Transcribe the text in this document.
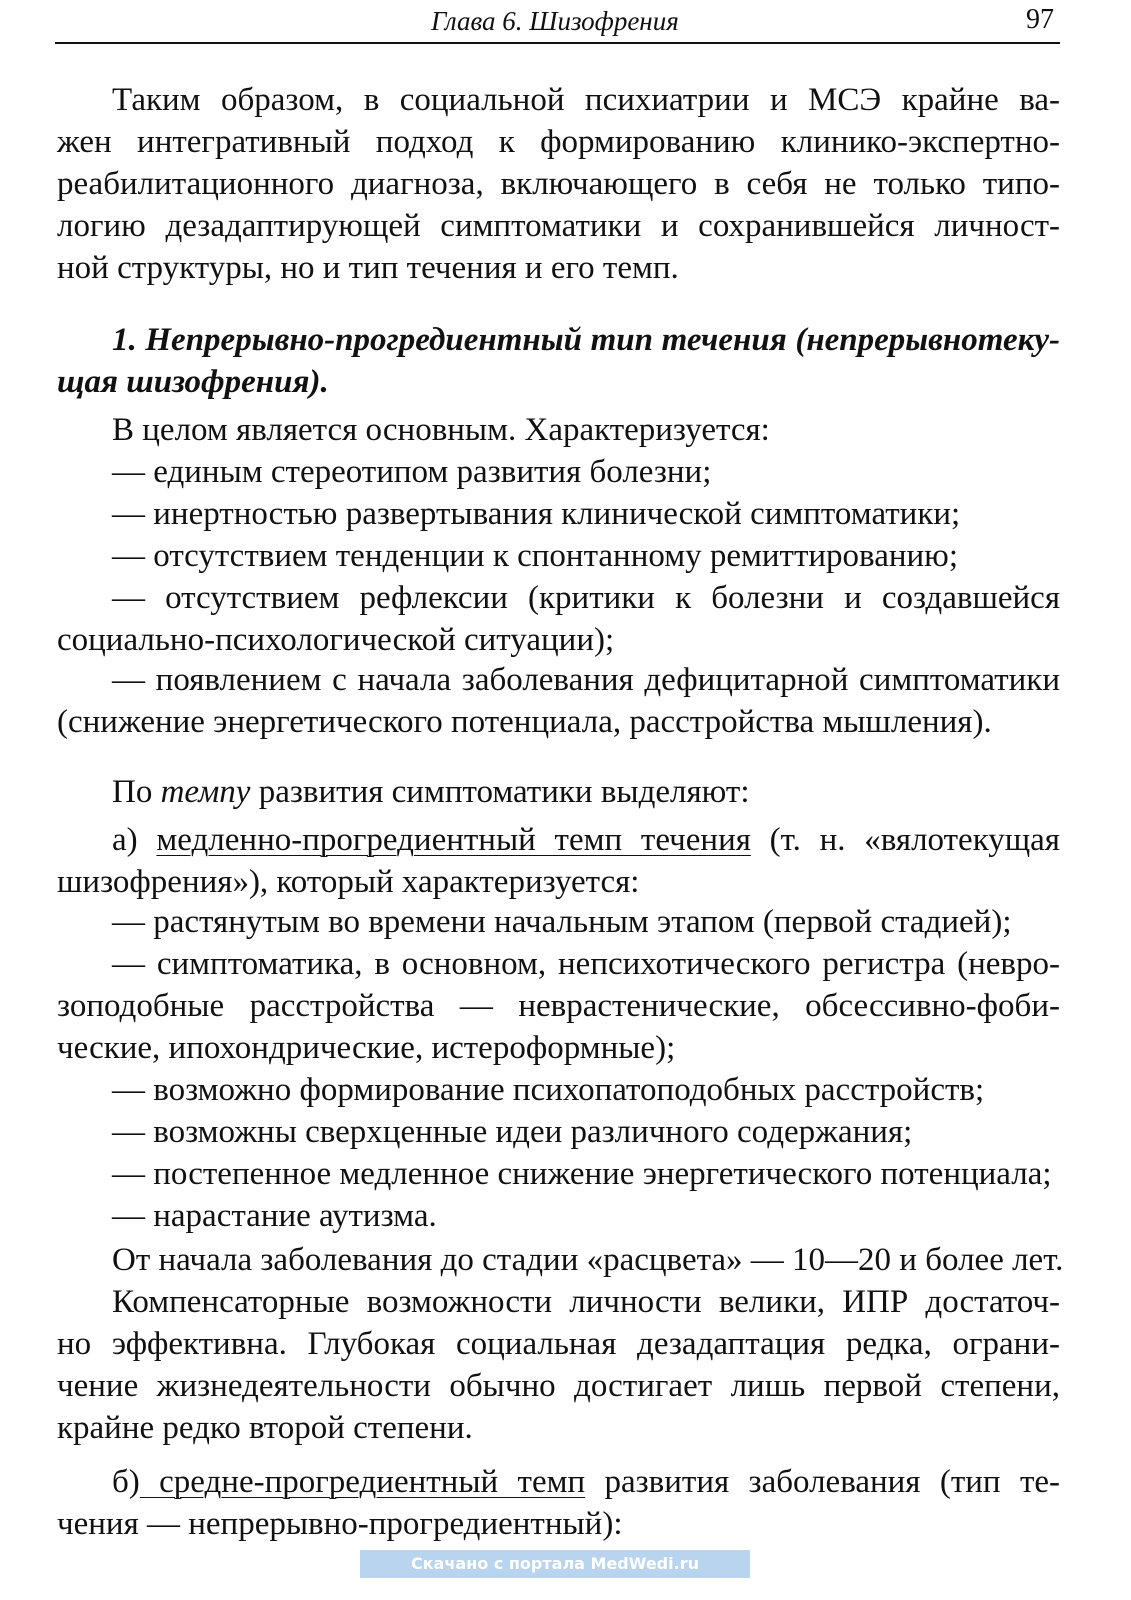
Глава 6. Шизофрения	97
Таким образом, в социальной психиатрии и МСЭ крайне ва-
жен интегративный подход к формированию клинико-экспертно-
реабилитационного диагноза, включающего в себя не только типо-
логию дезадаптирующей симптоматики и сохранившейся личност-
ной структуры, но и тип течения и его темп.
1. Непрерывно-прогредиентный тип течения (непрерывнотеку-
щая шизофрения).
В целом является основным. Характеризуется:
— единым стереотипом развития болезни;
— инертностью развертывания клинической симптоматики;
— отсутствием тенденции к спонтанному ремиттированию;
— отсутствием рефлексии (критики к болезни и создавшейся
социально-психологической ситуации);
— появлением с начала заболевания дефицитарной симптоматики
(снижение энергетического потенциала, расстройства мышления).
По темпу развития симптоматики выделяют:
а) медленно-прогредиентный темп течения (т. н. «вялотекущая
шизофрения»), который характеризуется:
— растянутым во времени начальным этапом (первой стадией);
— симптоматика, в основном, непсихотического регистра (невро-
зоподобные расстройства — неврастенические, обсессивно-фоби-
ческие, ипохондрические, истероформные);
— возможно формирование психопатоподобных расстройств;
— возможны сверхценные идеи различного содержания;
— постепенное медленное снижение энергетического потенциала;
— нарастание аутизма.
От начала заболевания до стадии «расцвета» — 10—20 и более лет.
Компенсаторные возможности личности велики, ИПР достаточ-
но эффективна. Глубокая социальная дезадаптация редка, ограни-
чение жизнедеятельности обычно достигает лишь первой степени,
крайне редко второй степени.
б) средне-прогредиентный темп развития заболевания (тип те-
чения — непрерывно-прогредиентный):
Скачано с портала MedWedi.ru
